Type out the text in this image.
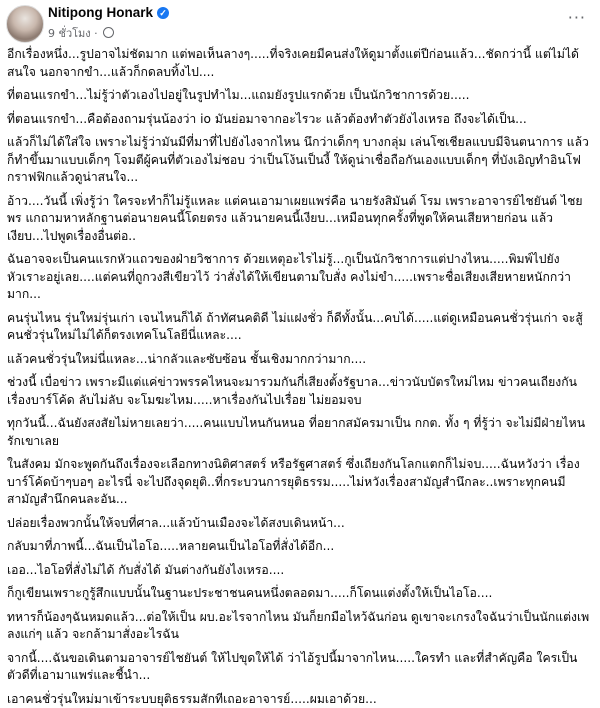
Nitipong Honark ✓
9 ชั่วโมง ·
···

อีกเรื่องหนึ่ง...รูปอาจไม่ชัดมาก แต่พอเห็นลางๆ.....ที่จริงเคยมีคนส่งให้ดูมาตั้งแต่ปีก่อนแล้ว...ชัดกว่านี้ แต่ไม่ได้สนใจ นอกจากขำ...แล้วก็กดลบทิ้งไป....

ที่ตอนแรกขำ...ไม่รู้ว่าตัวเองไปอยู่ในรูปทำไม...แถมยังรูปแรกด้วย เป็นนักวิชาการด้วย.....

ที่ตอนแรกขำ...คือต้องถามรุ่นน้องว่า io มันย่อมาจากอะไรวะ แล้วต้องทำตัวยังไงเหรอ ถึงจะได้เป็น...

แล้วก็ไม่ได้ใส่ใจ เพราะไม่รู้ว่ามันมีที่มาที่ไปยังไงจากไหน นึกว่าเด็กๆ บางกลุ่ม เล่นโซเชียลแบบมีจินตนาการ แล้วก็ทำขึ้นมาแบบเด็กๆ โจมตีผู้คนที่ตัวเองไม่ชอบ ว่าเป็นโง้นเป็นงี้ ให้ดูน่าเชื่อถือกันเองแบบเด็กๆ ที่บังเอิญทำอินโฟกราฟฟิกแล้วดูน่าสนใจ...

อ้าว....วันนี้ เพิ่งรู้ว่า ใครจะทำก็ไม่รู้แหละ แต่คนเอามาเผยแพร่คือ นายรังสิมันต์ โรม เพราะอาจารย์ไชยันต์ ไชยพร แกถามหาหลักฐานต่อนายคนนี้โดยตรง แล้วนายคนนี้เงียบ...เหมือนทุกครั้งที่พูดให้คนเสียหายก่อน แล้วเงียบ...ไปพูดเรื่องอื่นต่อ..

ฉันอาจจะเป็นคนแรกหัวแถวของฝ่ายวิชาการ ด้วยเหตุอะไรไม่รู้...กูเป็นนักวิชาการแต่ปางไหน.....พิมพ์ไปยังหัวเราะอยู่เลย....แต่คนที่ถูกวงสีเขียวไว้ ว่าสั่งได้ให้เขียนตามใบสั่ง คงไม่ขำ.....เพราะชื่อเสียงเสียหายหนักกว่ามาก...

คนรุ่นไหน รุ่นใหม่รุ่นเก่า เจนไหนก็ได้ ถ้าทัศนคติดี ไม่แฝงชั่ว ก็ดีทั้งนั้น...คบได้.....แต่ดูเหมือนคนชั่วรุ่นเก่า จะสู้คนชั่วรุ่นใหม่ไม่ได้ก็ตรงเทคโนโลยีนี่แหละ....

แล้วคนชั่วรุ่นใหม่นี่แหละ...น่ากลัวและซับซ้อน ชั้นเชิงมากกว่ามาก....

ช่วงนี้ เบื่อข่าว เพราะมีแต่แค่ข่าวพรรคไหนจะมารวมกันกี่เสียงตั้งรัฐบาล...ข่าวนับบัตรใหม่ไหม ข่าวคนเถียงกันเรื่องบาร์โค้ด ลับไม่ลับ จะโมฆะไหม.....หาเรื่องกันไปเรื่อย ไม่ยอมจบ

ทุกวันนี้...ฉันยังสงสัยไม่หายเลยว่า.....คนแบบไหนกันหนอ ที่อยากสมัครมาเป็น กกต. ทั้ง ๆ ที่รู้ว่า จะไม่มีฝ่ายไหนรักเขาเลย

ในสังคม มักจะพูดกันถึงเรื่องจะเลือกทางนิติศาสตร์ หรือรัฐศาสตร์ ซึ่งเถียงกันโลกแตกก็ไม่จบ.....ฉันหวังว่า เรื่องบาร์โค้ดบ้าๆบอๆ อะไรนี่ จะไปถึงจุดยุติ..ที่กระบวนการยุติธรรม.....ไม่หวังเรื่องสามัญสำนึกละ..เพราะทุกคนมีสามัญสำนึกคนละอัน...

ปล่อยเรื่องพวกนั้นให้จบที่ศาล...แล้วบ้านเมืองจะได้สงบเดินหน้า...

กลับมาที่ภาพนี้...ฉันเป็นไอโอ.....หลายคนเป็นไอโอที่สั่งได้อีก...

เออ...ไอโอที่สั่งไม่ได้ กับสั่งได้ มันต่างกันยังไงเหรอ....

ก็กูเขียนเพราะกูรู้สึกแบบนั้นในฐานะประชาชนคนหนึ่งตลอดมา.....ก็โดนแต่งตั้งให้เป็นไอโอ....

ทหารก็น้องๆฉันหมดแล้ว...ต่อให้เป็น ผบ.อะไรจากไหน มันก็ยกมือไหว้ฉันก่อน ดูเขาจะเกรงใจฉันว่าเป็นนักแต่งเพลงแก่ๆ แล้ว จะกล้ามาสั่งอะไรฉัน

จากนี้....ฉันขอเดินตามอาจารย์ไชยันต์ ให้ไปขุดให้ได้ ว่าไอ้รูปนี้มาจากไหน.....ใครทำ และที่สำคัญคือ ใครเป็นตัวดีที่เอามาแพร่และชี้นำ...

เอาคนชั่วรุ่นใหม่มาเข้าระบบยุติธรรมสักทีเถอะอาจารย์.....ผมเอาด้วย...
